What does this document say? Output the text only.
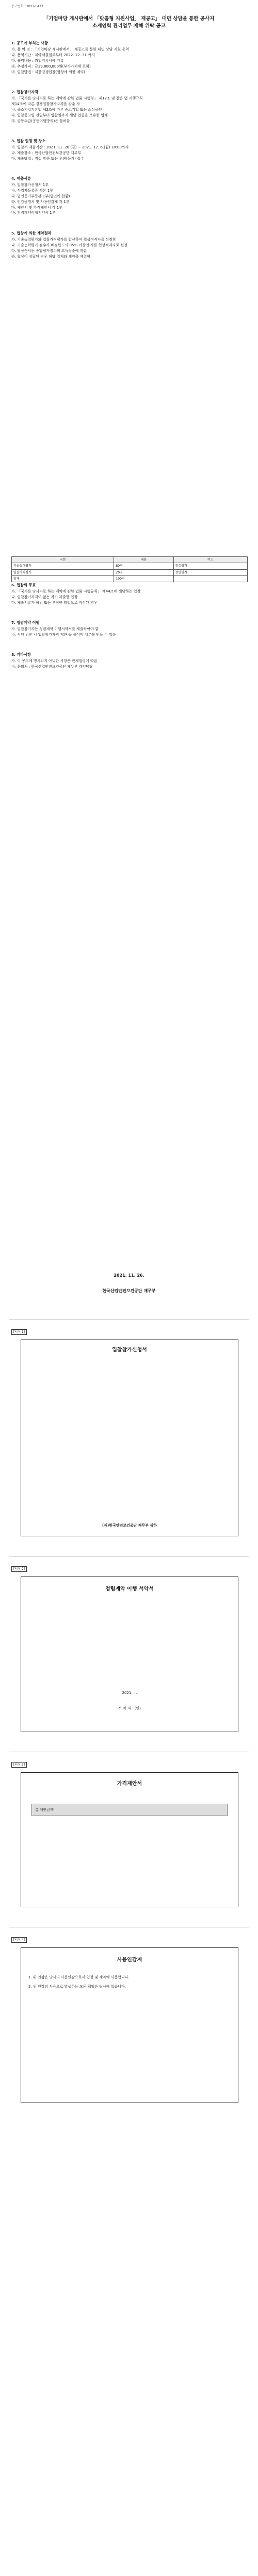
공고번호 : 2021-0473
「기업마당 게시판에서 「맞춤형 지원사업」 재공고」 대면 상담을 통한 공사지
소재인력 관리업무 재해 위탁 공고
1. 공고에 부치는 사항

가. 용 역 명 : 「기업마당 게시판에서」 재공고를 통한 대면 상담 지원 용역

나. 용역기간 : 계약체결일로부터 2022. 12. 31.까지

다. 용역내용 : 과업지시서에 따름

라. 추정가격 : 금39,800,000원(부가가치세 포함)

마. 입찰방법 : 제한경쟁입찰(협상에 의한 계약)

2. 입찰참가자격

가. 「국가를 당사자로 하는 계약에 관한 법률 시행령」 제12조 및 같은 법 시행규칙

제14조에 따른 경쟁입찰참가자격을 갖춘 자

나. 중소기업기본법 제2조에 따른 중소기업 또는 소상공인

다. 입찰공고일 전일부터 입찰일까지 해당 업종을 보유한 업체

라. 공동수급(공동이행방식)은 불허함

3. 입찰 일정 및 장소

가. 입찰서 제출기간 : 2021. 11. 26.(금) ~ 2021. 12. 6.(월) 18:00까지

나. 제출장소 : 한국산업안전보건공단 재무부

다. 제출방법 : 직접 방문 또는 우편(등기) 접수

4. 제출서류

가. 입찰참가신청서 1부

나. 사업자등록증 사본 1부

다. 법인등기부등본 1부(법인에 한함)

라. 인감증명서 및 사용인감계 각 1부

마. 제안서 및 가격제안서 각 1부

바. 청렴계약이행서약서 1부

5. 협상에 의한 계약절차

가. 기술능력평가와 입찰가격평가를 합산하여 협상적격자를 선정함

나. 기술능력평가 점수가 배점한도의 85% 이상인 자를 협상적격자로 선정

다. 협상순서는 종합평가점수의 고득점순에 따름

라. 협상이 성립된 경우 해당 업체와 계약을 체결함

6. 입찰의 무효

가. 「국가를 당사자로 하는 계약에 관한 법률 시행규칙」 제44조에 해당하는 입찰

나. 입찰참가자격이 없는 자가 제출한 입찰

다. 제출서류가 허위 또는 부정한 방법으로 작성된 경우

7. 청렴계약 이행

가. 입찰참가자는 청렴계약 이행서약서를 제출하여야 함

나. 서약 위반 시 입찰참가자격 제한 등 불이익 처분을 받을 수 있음

8. 기타사항

가. 이 공고에 명시되지 아니한 사항은 관계법령에 따름

나. 문의처 : 한국산업안전보건공단 재무부 계약담당

구분	내용	비고
기술능력평가	80점	정성평가
입찰가격평가	20점	정량평가
합계	100점	
2021. 11. 26.
한국산업안전보건공단 재무부
[서식 1]
입찰참가신청서
(재)한국안전보건공단 재무부 귀하
[서식 2]
청렴계약 이행 서약서
2021. . .
서 약 자 : (인)
[서식 3]
가격제안서
총 제안금액
[서식 4]
사용인감계

1. 위 인감은 당사의 사용인감으로서 입찰 및 계약에 사용합니다.

2. 위 인감의 사용으로 발생하는 모든 책임은 당사에 있습니다.
